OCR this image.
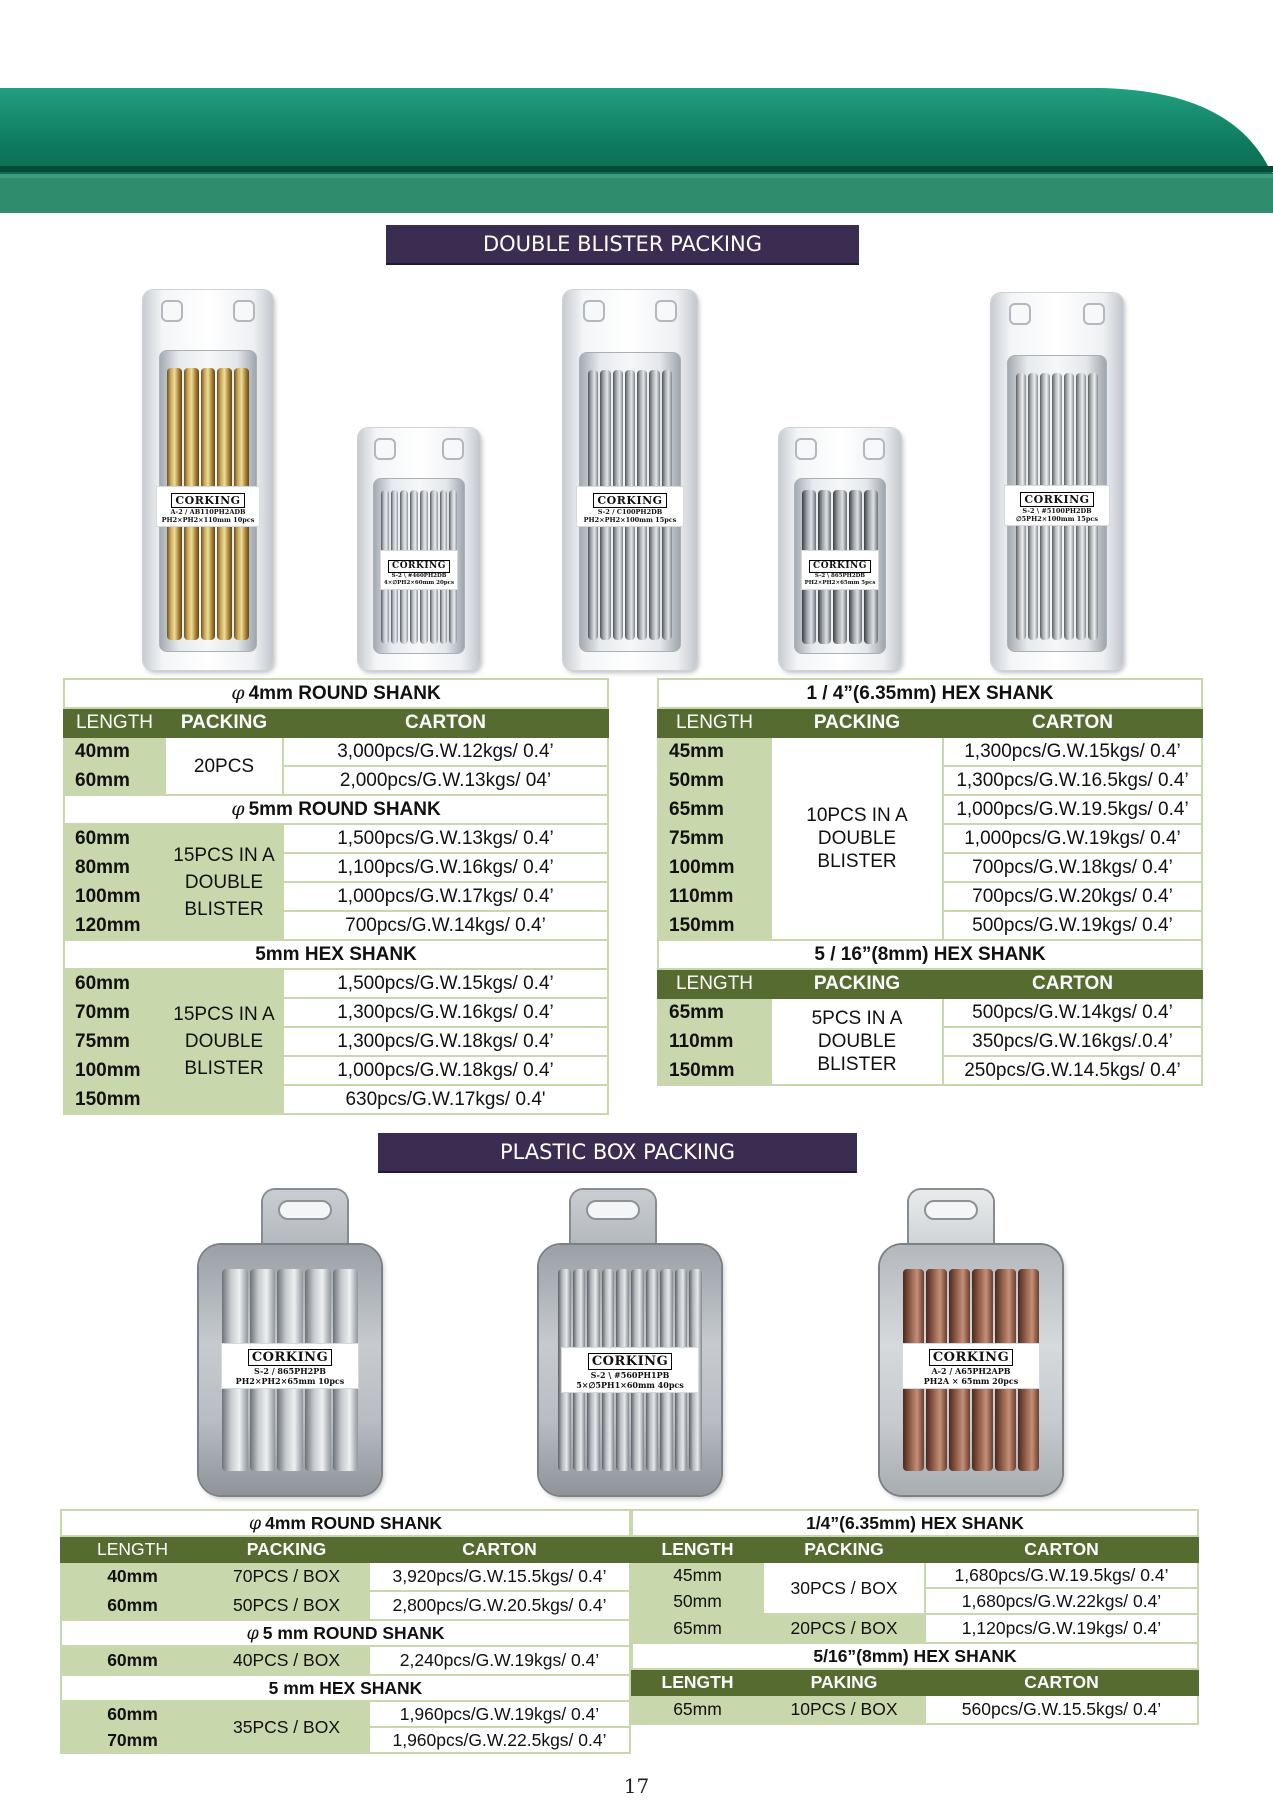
DOUBLE BLISTER PACKING
CORKING
A-2 / AB110PH2ADB
PH2×PH2×110mm 10pcs
CORKING
S-2 \ #460PH2DB
4×∅PH2×60mm 20pcs
CORKING
S-2 / C100PH2DB
PH2×PH2×100mm 15pcs
CORKING
S-2 \ 865PH2DB
PH2×PH2×65mm 5pcs
CORKING
S-2 \ #5100PH2DB
∅5PH2×100mm 15pcs
φ 4mm ROUND SHANK		
LENGTH	PACKING	CARTON
40mm	20PCS	3,000pcs/G.W.12kgs/ 0.4’
60mm		2,000pcs/G.W.13kgs/ 04’
φ 5mm ROUND SHANK		
60mm	15PCS IN A DOUBLE BLISTER	1,500pcs/G.W.13kgs/ 0.4’
80mm		1,100pcs/G.W.16kgs/ 0.4’
100mm		1,000pcs/G.W.17kgs/ 0.4’
120mm		700pcs/G.W.14kgs/ 0.4’
5mm HEX SHANK		
60mm	15PCS IN A DOUBLE BLISTER	1,500pcs/G.W.15kgs/ 0.4’
70mm		1,300pcs/G.W.16kgs/ 0.4’
75mm		1,300pcs/G.W.18kgs/ 0.4’
100mm		1,000pcs/G.W.18kgs/ 0.4’
150mm		630pcs/G.W.17kgs/ 0.4'
1 / 4”(6.35mm) HEX SHANK		
LENGTH	PACKING	CARTON
45mm	10PCS IN A DOUBLE BLISTER	1,300pcs/G.W.15kgs/ 0.4’
50mm		1,300pcs/G.W.16.5kgs/ 0.4’
65mm		1,000pcs/G.W.19.5kgs/ 0.4’
75mm		1,000pcs/G.W.19kgs/ 0.4’
100mm		700pcs/G.W.18kgs/ 0.4’
110mm		700pcs/G.W.20kgs/ 0.4’
150mm		500pcs/G.W.19kgs/ 0.4’
5 / 16”(8mm) HEX SHANK		
LENGTH	PACKING	CARTON
65mm	5PCS IN A DOUBLE BLISTER	500pcs/G.W.14kgs/ 0.4’
110mm		350pcs/G.W.16kgs/.0.4’
150mm		250pcs/G.W.14.5kgs/ 0.4’
PLASTIC BOX PACKING
CORKING
S-2 / 865PH2PB
PH2×PH2×65mm 10pcs
CORKING
S-2 \ #560PH1PB
5×∅5PH1×60mm 40pcs
CORKING
A-2 / A65PH2APB
PH2A × 65mm 20pcs
φ 4mm ROUND SHANK		
LENGTH	PACKING	CARTON
40mm	70PCS / BOX	3,920pcs/G.W.15.5kgs/ 0.4’
60mm	50PCS / BOX	2,800pcs/G.W.20.5kgs/ 0.4’
φ 5 mm ROUND SHANK		
60mm	40PCS / BOX	2,240pcs/G.W.19kgs/ 0.4’
5 mm HEX SHANK		
60mm	35PCS / BOX	1,960pcs/G.W.19kgs/ 0.4’
70mm		1,960pcs/G.W.22.5kgs/ 0.4’
1/4”(6.35mm) HEX SHANK		
LENGTH	PACKING	CARTON
45mm	30PCS / BOX	1,680pcs/G.W.19.5kgs/ 0.4’
50mm		1,680pcs/G.W.22kgs/ 0.4’
65mm	20PCS / BOX	1,120pcs/G.W.19kgs/ 0.4’
5/16”(8mm) HEX SHANK		
LENGTH	PAKING	CARTON
65mm	10PCS / BOX	560pcs/G.W.15.5kgs/ 0.4’
17
